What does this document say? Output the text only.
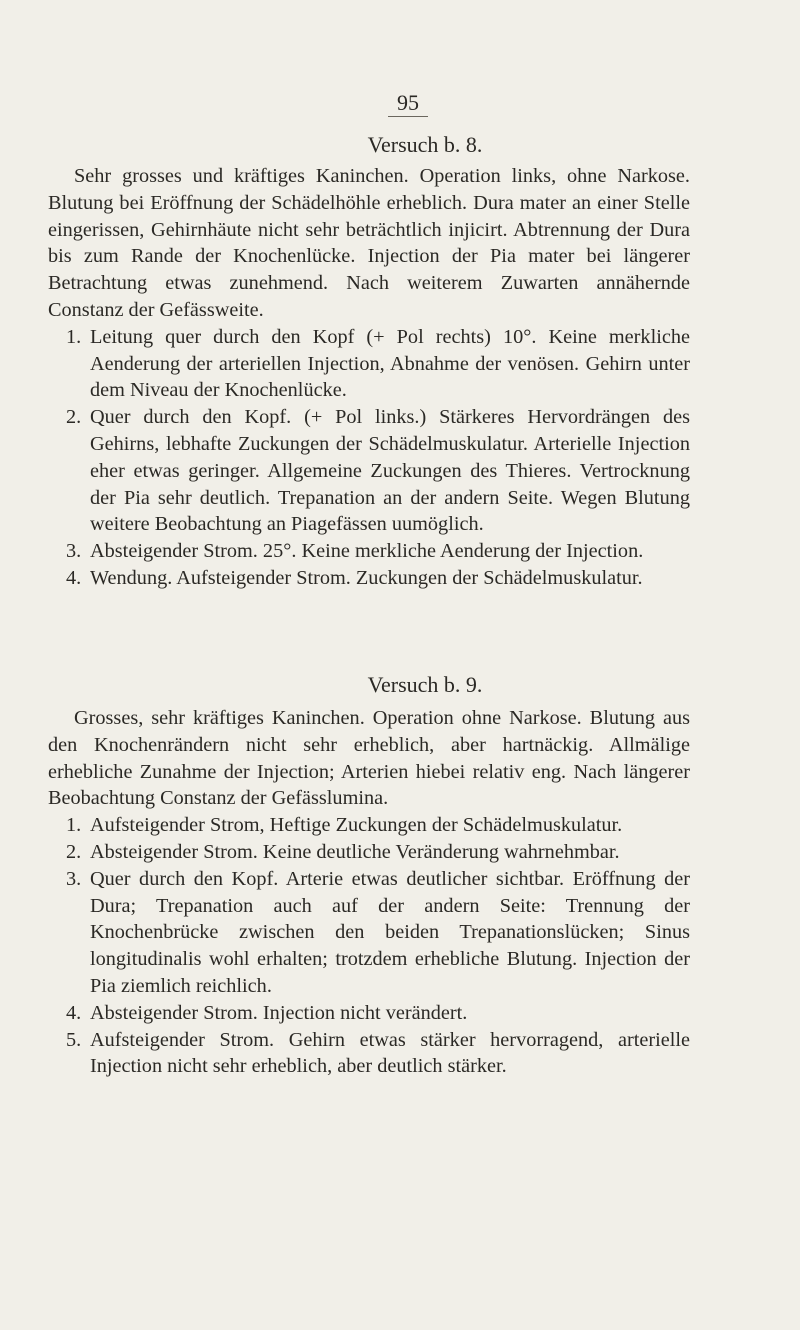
95
Versuch b. 8.

Sehr grosses und kräftiges Kaninchen. Operation links, ohne Narkose. Blutung bei Eröffnung der Schädelhöhle erheblich. Dura mater an einer Stelle eingerissen, Gehirnhäute nicht sehr beträchtlich injicirt. Abtrennung der Dura bis zum Rande der Knochenlücke. Injection der Pia mater bei längerer Betrachtung etwas zunehmend. Nach weiterem Zuwarten annähernde Constanz der Gefässweite.

1. Leitung quer durch den Kopf (+ Pol rechts) 10°. Keine merkliche Aenderung der arteriellen Injection, Abnahme der venösen. Gehirn unter dem Niveau der Knochenlücke.
2. Quer durch den Kopf. (+ Pol links.) Stärkeres Hervordrängen des Gehirns, lebhafte Zuckungen der Schädelmuskulatur. Arterielle Injection eher etwas geringer. Allgemeine Zuckungen des Thieres. Vertrocknung der Pia sehr deutlich. Trepanation an der andern Seite. Wegen Blutung weitere Beobachtung an Piagefässen uumöglich.
3. Absteigender Strom. 25°. Keine merkliche Aenderung der Injection.
4. Wendung. Aufsteigender Strom. Zuckungen der Schädelmuskulatur.
Versuch b. 9.

Grosses, sehr kräftiges Kaninchen. Operation ohne Narkose. Blutung aus den Knochenrändern nicht sehr erheblich, aber hartnäckig. Allmälige erhebliche Zunahme der Injection; Arterien hiebei relativ eng. Nach längerer Beobachtung Constanz der Gefässlumina.

1. Aufsteigender Strom, Heftige Zuckungen der Schädelmuskulatur.
2. Absteigender Strom. Keine deutliche Veränderung wahrnehmbar.
3. Quer durch den Kopf. Arterie etwas deutlicher sichtbar. Eröffnung der Dura; Trepanation auch auf der andern Seite: Trennung der Knochenbrücke zwischen den beiden Trepanationslücken; Sinus longitudinalis wohl erhalten; trotzdem erhebliche Blutung. Injection der Pia ziemlich reichlich.
4. Absteigender Strom. Injection nicht verändert.
5. Aufsteigender Strom. Gehirn etwas stärker hervorragend, arterielle Injection nicht sehr erheblich, aber deutlich stärker.
